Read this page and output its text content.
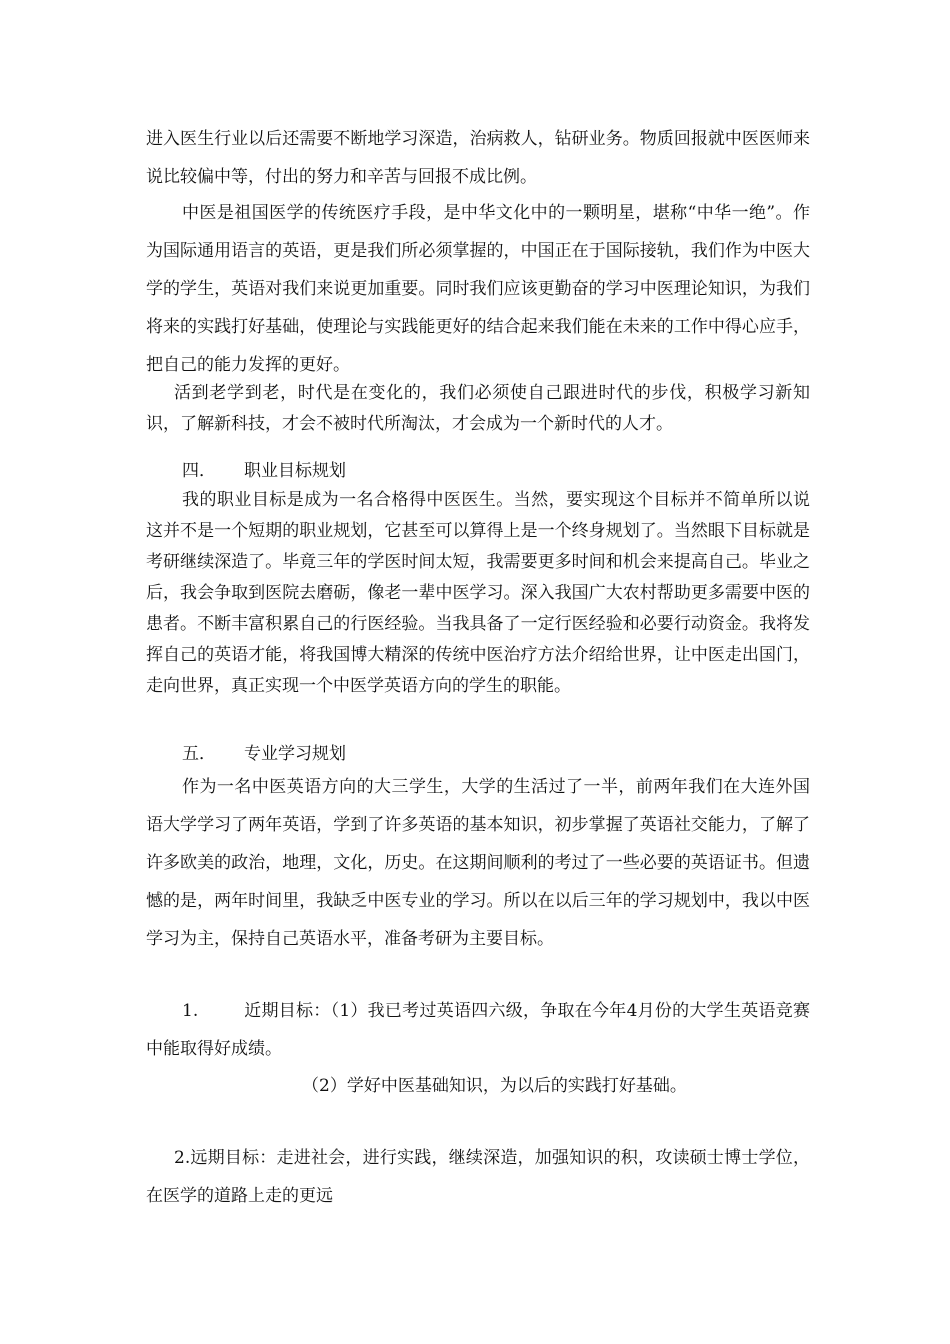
进入医生行业以后还需要不断地学习深造，治病救人，钻研业务。物质回报就中医医师来说比较偏中等，付出的努力和辛苦与回报不成比例。

中医是祖国医学的传统医疗手段，是中华文化中的一颗明星，堪称“中华一绝”。作为国际通用语言的英语，更是我们所必须掌握的，中国正在于国际接轨，我们作为中医大学的学生，英语对我们来说更加重要。同时我们应该更勤奋的学习中医理论知识，为我们将来的实践打好基础，使理论与实践能更好的结合起来我们能在未来的工作中得心应手，把自己的能力发挥的更好。

活到老学到老，时代是在变化的，我们必须使自己跟进时代的步伐，积极学习新知识，了解新科技，才会不被时代所淘汰，才会成为一个新时代的人才。

四． 职业目标规划

我的职业目标是成为一名合格得中医医生。当然，要实现这个目标并不简单所以说这并不是一个短期的职业规划，它甚至可以算得上是一个终身规划了。当然眼下目标就是考研继续深造了。毕竟三年的学医时间太短，我需要更多时间和机会来提高自己。毕业之后，我会争取到医院去磨砺，像老一辈中医学习。深入我国广大农村帮助更多需要中医的患者。不断丰富积累自己的行医经验。当我具备了一定行医经验和必要行动资金。我将发挥自己的英语才能，将我国博大精深的传统中医治疗方法介绍给世界，让中医走出国门，走向世界，真正实现一个中医学英语方向的学生的职能。

五． 专业学习规划

作为一名中医英语方向的大三学生，大学的生活过了一半，前两年我们在大连外国语大学学习了两年英语，学到了许多英语的基本知识，初步掌握了英语社交能力，了解了许多欧美的政治，地理，文化，历史。在这期间顺利的考过了一些必要的英语证书。但遗憾的是，两年时间里，我缺乏中医专业的学习。所以在以后三年的学习规划中，我以中医学习为主，保持自己英语水平，准备考研为主要目标。

1.	近期目标：（1）我已考过英语四六级，争取在今年4月份的大学生英语竞赛中能取得好成绩。

（2）学好中医基础知识，为以后的实践打好基础。

2.远期目标：走进社会，进行实践，继续深造，加强知识的积，攻读硕士博士学位，在医学的道路上走的更远
